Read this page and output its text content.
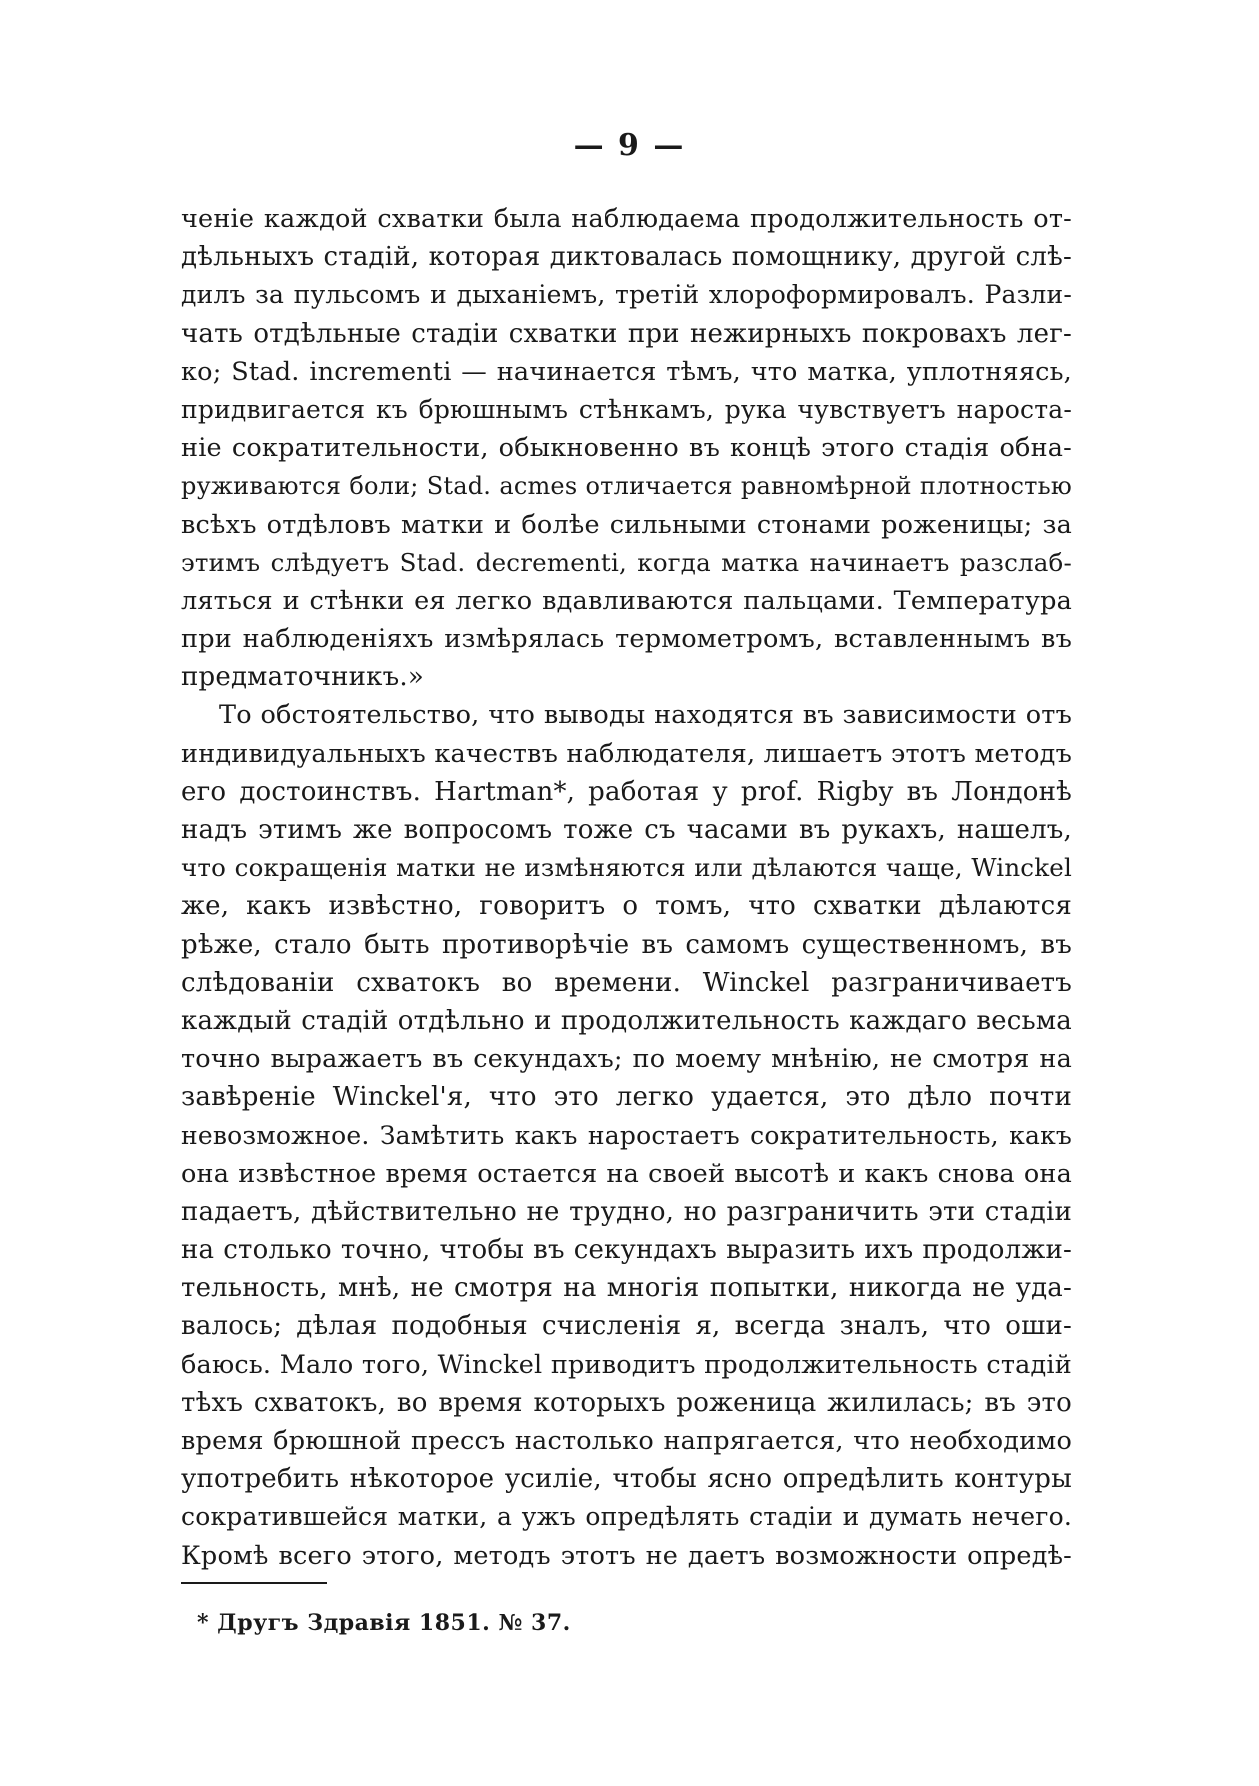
— 9 —
ченіе каждой схватки была наблюдаема продолжительность от-
дѣльныхъ стадій, которая диктовалась помощнику, другой слѣ-
дилъ за пульсомъ и дыханіемъ, третій хлороформировалъ. Разли-
чать отдѣльные стадіи схватки при нежирныхъ покровахъ лег-
ко; Stad. incrementi — начинается тѣмъ, что матка, уплотняясь,
придвигается къ брюшнымъ стѣнкамъ, рука чувствуетъ нароста-
ніе сократительности, обыкновенно въ концѣ этого стадія обна-
руживаются боли; Stad. acmes отличается равномѣрной плотностью
всѣхъ отдѣловъ матки и болѣе сильными стонами роженицы; за
этимъ слѣдуетъ Stad. decrementi, когда матка начинаетъ разслаб-
ляться и стѣнки ея легко вдавливаются пальцами. Температура
при наблюденіяхъ измѣрялась термометромъ, вставленнымъ въ
предматочникъ.»
То обстоятельство, что выводы находятся въ зависимости отъ
индивидуальныхъ качествъ наблюдателя, лишаетъ этотъ методъ
его достоинствъ. Hartman*, работая у prof. Rigby въ Лондонѣ
надъ этимъ же вопросомъ тоже съ часами въ рукахъ, нашелъ,
что сокращенія матки не измѣняются или дѣлаются чаще, Winckel
же, какъ извѣстно, говоритъ о томъ, что схватки дѣлаются
рѣже, стало быть противорѣчіе въ самомъ существенномъ, въ
слѣдованіи схватокъ во времени. Winckel разграничиваетъ
каждый стадій отдѣльно и продолжительность каждаго весьма
точно выражаетъ въ секундахъ; по моему мнѣнію, не смотря на
завѣреніе Winckel'я, что это легко удается, это дѣло почти
невозможное. Замѣтить какъ наростаетъ сократительность, какъ
она извѣстное время остается на своей высотѣ и какъ снова она
падаетъ, дѣйствительно не трудно, но разграничить эти стадіи
на столько точно, чтобы въ секундахъ выразить ихъ продолжи-
тельность, мнѣ, не смотря на многія попытки, никогда не уда-
валось; дѣлая подобныя счисленія я, всегда зналъ, что оши-
баюсь. Мало того, Winckel приводитъ продолжительность стадій
тѣхъ схватокъ, во время которыхъ роженица жилилась; въ это
время брюшной прессъ настолько напрягается, что необходимо
употребить нѣкоторое усиліе, чтобы ясно опредѣлить контуры
сократившейся матки, а ужъ опредѣлять стадіи и думать нечего.
Кромѣ всего этого, методъ этотъ не даетъ возможности опредѣ-
* Другъ Здравія 1851. № 37.
